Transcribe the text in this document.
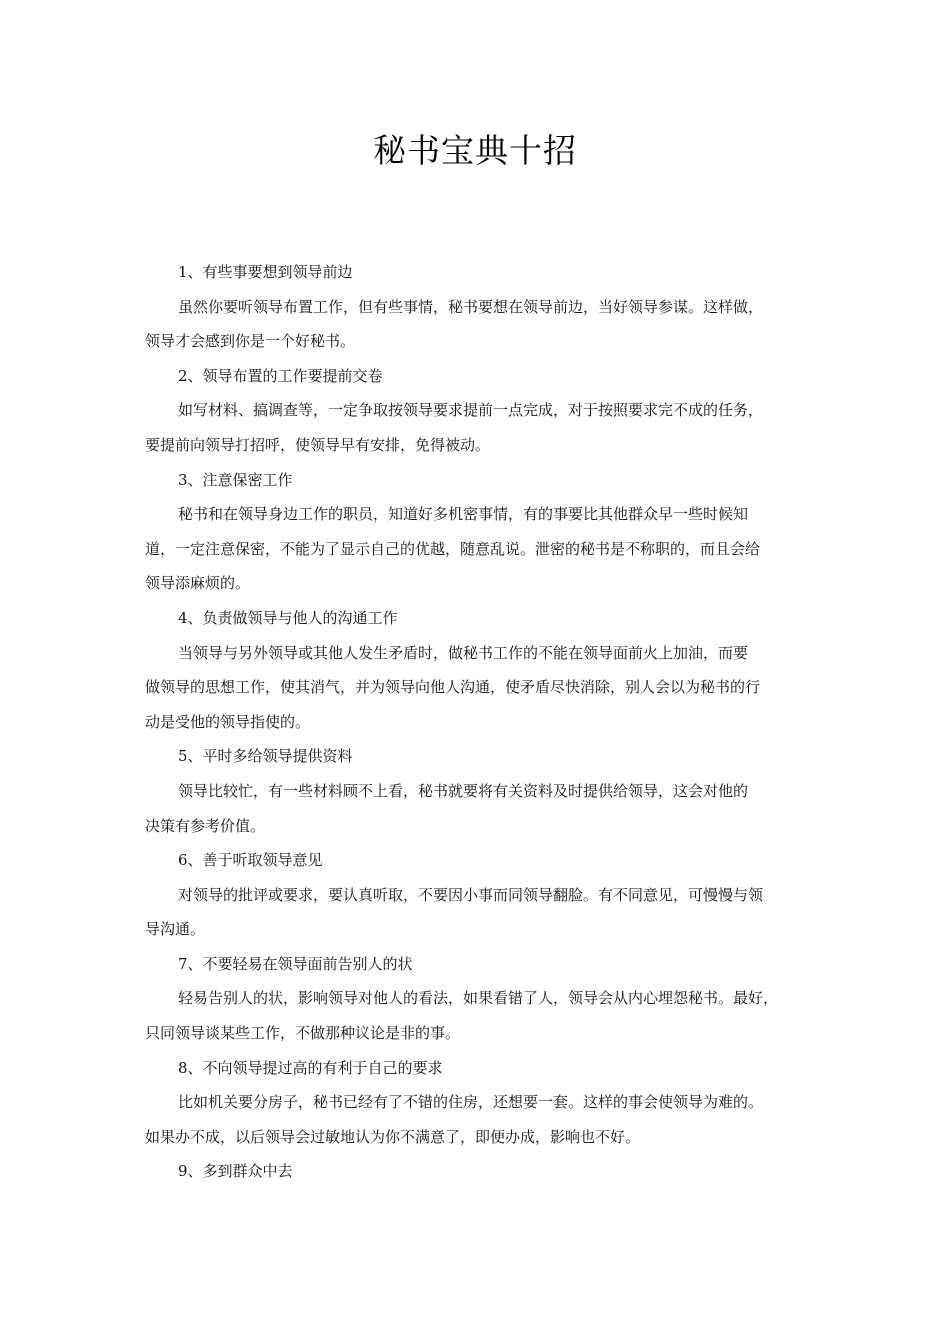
秘书宝典十招
1、有些事要想到领导前边
虽然你要听领导布置工作，但有些事情，秘书要想在领导前边，当好领导参谋。这样做，
领导才会感到你是一个好秘书。
2、领导布置的工作要提前交卷
如写材料、搞调查等，一定争取按领导要求提前一点完成，对于按照要求完不成的任务，
要提前向领导打招呼，使领导早有安排，免得被动。
3、注意保密工作
秘书和在领导身边工作的职员，知道好多机密事情，有的事要比其他群众早一些时候知
道，一定注意保密，不能为了显示自己的优越，随意乱说。泄密的秘书是不称职的，而且会给
领导添麻烦的。
4、负责做领导与他人的沟通工作
当领导与另外领导或其他人发生矛盾时，做秘书工作的不能在领导面前火上加油，而要
做领导的思想工作，使其消气，并为领导向他人沟通，使矛盾尽快消除，别人会以为秘书的行
动是受他的领导指使的。
5、平时多给领导提供资料
领导比较忙，有一些材料顾不上看，秘书就要将有关资料及时提供给领导，这会对他的
决策有参考价值。
6、善于听取领导意见
对领导的批评或要求，要认真听取，不要因小事而同领导翻脸。有不同意见，可慢慢与领
导沟通。
7、不要轻易在领导面前告别人的状
轻易告别人的状，影响领导对他人的看法，如果看错了人，领导会从内心埋怨秘书。最好，
只同领导谈某些工作，不做那种议论是非的事。
8、不向领导提过高的有利于自己的要求
比如机关要分房子，秘书已经有了不错的住房，还想要一套。这样的事会使领导为难的。
如果办不成，以后领导会过敏地认为你不满意了，即便办成，影响也不好。
9、多到群众中去
